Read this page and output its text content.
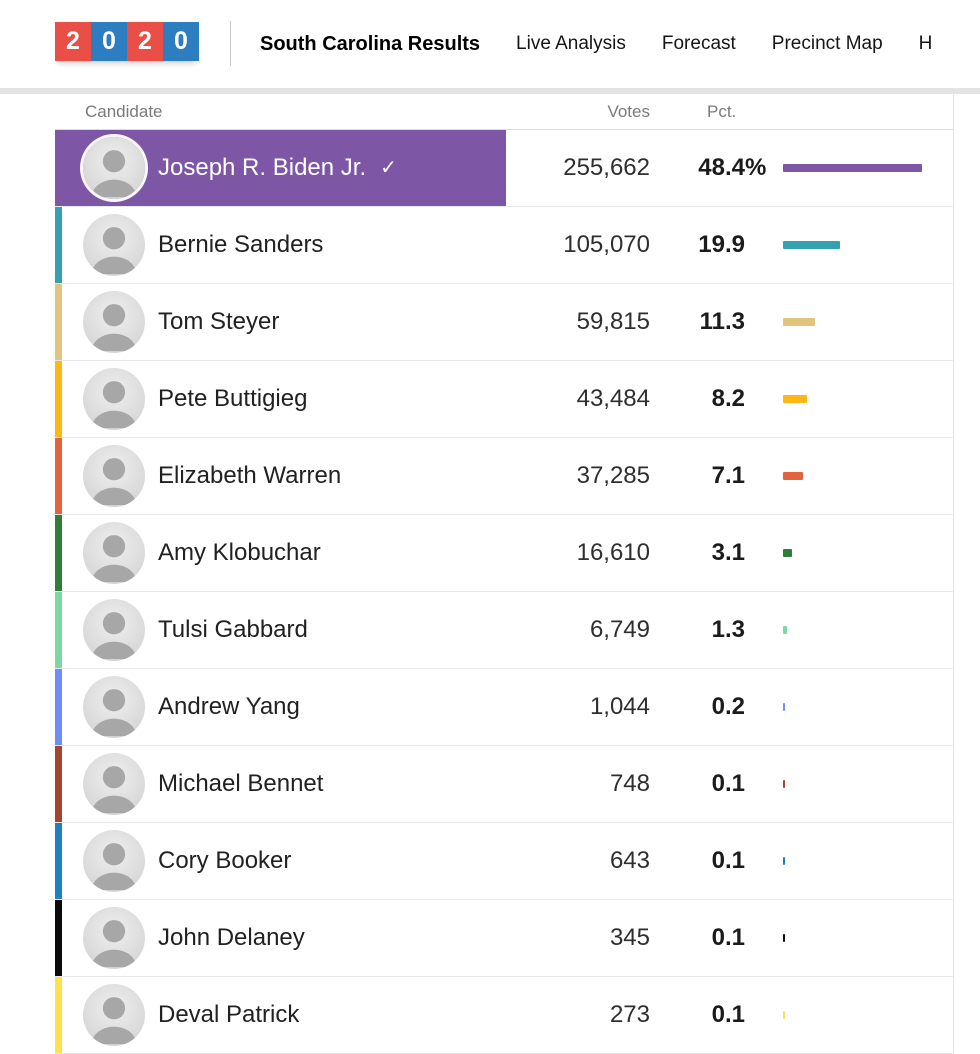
2 0 2 0	South Carolina Results Live Analysis Forecast Precinct Map H
Candidate	Votes	Pct.
Joseph R. Biden Jr. ✓	255,662 48.4 %
Bernie Sanders	105,070 19.9
Tom Steyer	59,815 11.3
Pete Buttigieg	43,484	8.2
Elizabeth Warren	37,285	7.1
Amy Klobuchar	16,610	3.1
Tulsi Gabbard	6,749	1.3
Andrew Yang	1,044	0.2
Michael Bennet	748	0.1
Cory Booker	643	0.1
John Delaney	345	0.1
Deval Patrick	273	0.1
